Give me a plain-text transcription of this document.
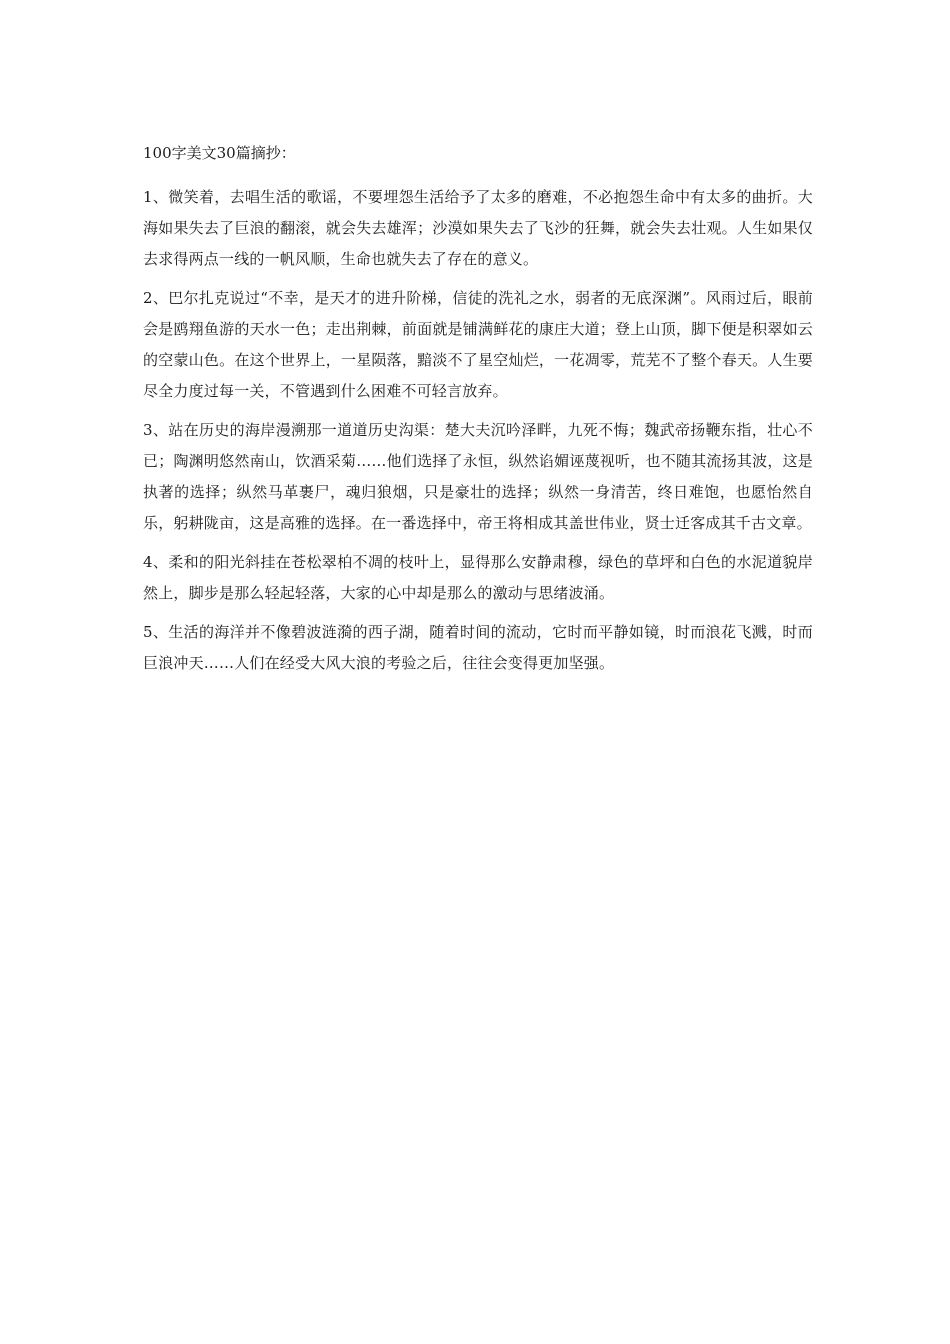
100字美文30篇摘抄：

1、微笑着，去唱生活的歌谣，不要埋怨生活给予了太多的磨难，不必抱怨生命中有太多的曲折。大海如果失去了巨浪的翻滚，就会失去雄浑；沙漠如果失去了飞沙的狂舞，就会失去壮观。人生如果仅去求得两点一线的一帆风顺，生命也就失去了存在的意义。

2、巴尔扎克说过“不幸，是天才的进升阶梯，信徒的洗礼之水，弱者的无底深渊”。风雨过后，眼前会是鸥翔鱼游的天水一色；走出荆棘，前面就是铺满鲜花的康庄大道；登上山顶，脚下便是积翠如云的空蒙山色。在这个世界上，一星陨落，黯淡不了星空灿烂，一花凋零，荒芜不了整个春天。人生要尽全力度过每一关，不管遇到什么困难不可轻言放弃。

3、站在历史的海岸漫溯那一道道历史沟渠：楚大夫沉吟泽畔，九死不悔；魏武帝扬鞭东指，壮心不已；陶渊明悠然南山，饮酒采菊……他们选择了永恒，纵然谄媚诬蔑视听，也不随其流扬其波，这是执著的选择；纵然马革裹尸，魂归狼烟，只是豪壮的选择；纵然一身清苦，终日难饱，也愿怡然自乐，躬耕陇亩，这是高雅的选择。在一番选择中，帝王将相成其盖世伟业，贤士迁客成其千古文章。

4、柔和的阳光斜挂在苍松翠柏不凋的枝叶上，显得那么安静肃穆，绿色的草坪和白色的水泥道貌岸然上，脚步是那么轻起轻落，大家的心中却是那么的激动与思绪波涌。

5、生活的海洋并不像碧波涟漪的西子湖，随着时间的流动，它时而平静如镜，时而浪花飞溅，时而巨浪冲天……人们在经受大风大浪的考验之后，往往会变得更加坚强。
